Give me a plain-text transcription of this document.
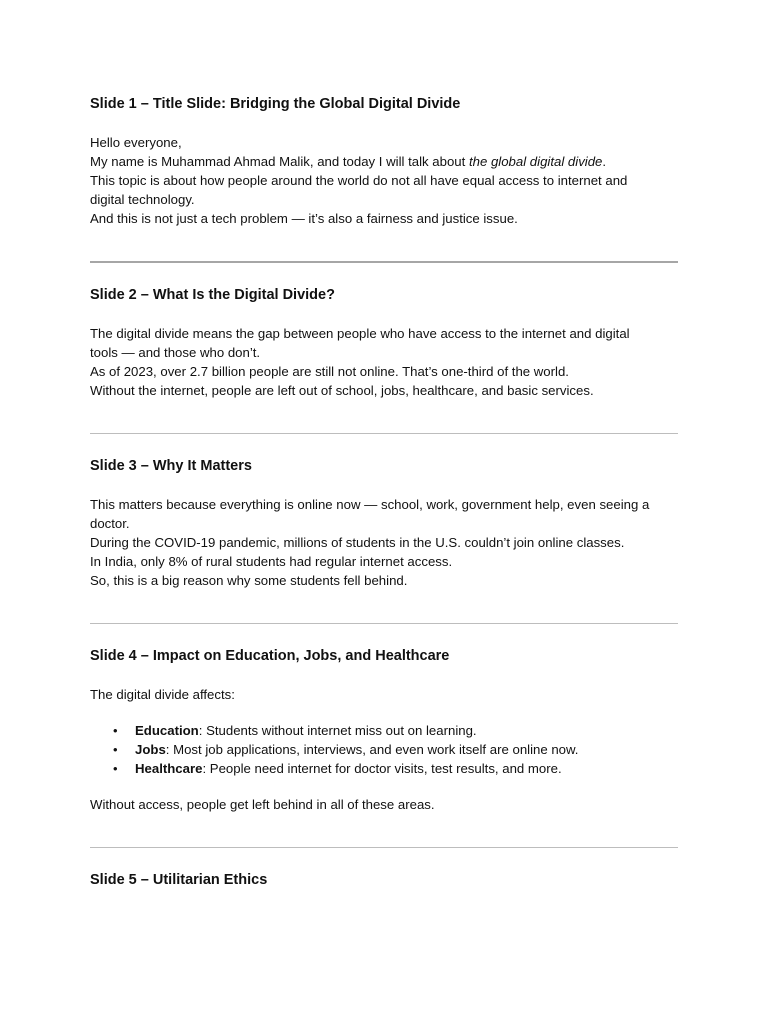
Slide 1 – Title Slide: Bridging the Global Digital Divide

Hello everyone,
My name is Muhammad Ahmad Malik, and today I will talk about the global digital divide.
This topic is about how people around the world do not all have equal access to internet and
digital technology.
And this is not just a tech problem — it’s also a fairness and justice issue.

Slide 2 – What Is the Digital Divide?

The digital divide means the gap between people who have access to the internet and digital
tools — and those who don’t.
As of 2023, over 2.7 billion people are still not online. That’s one-third of the world.
Without the internet, people are left out of school, jobs, healthcare, and basic services.

Slide 3 – Why It Matters

This matters because everything is online now — school, work, government help, even seeing a
doctor.
During the COVID-19 pandemic, millions of students in the U.S. couldn’t join online classes.
In India, only 8% of rural students had regular internet access.
So, this is a big reason why some students fell behind.

Slide 4 – Impact on Education, Jobs, and Healthcare

The digital divide affects:

• Education: Students without internet miss out on learning.
• Jobs: Most job applications, interviews, and even work itself are online now.
• Healthcare: People need internet for doctor visits, test results, and more.

Without access, people get left behind in all of these areas.

Slide 5 – Utilitarian Ethics
